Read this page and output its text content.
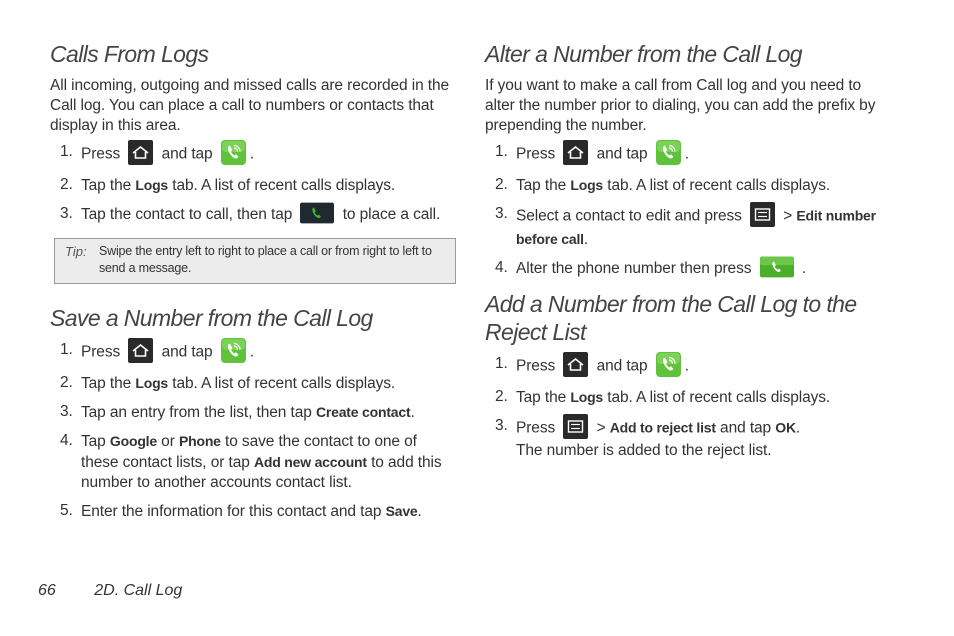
Calls From Logs

All incoming, outgoing and missed calls are recorded in the Call log. You can place a call to numbers or contacts that display in this area.

1. Press	and tap .
2. Tap the Logs tab. A list of recent calls displays.
3. Tap the contact to call, then tap	to place a call.
Tip: Swipe the entry left to right to place a call or from right to left to send a message.
Save a Number from the Call Log
1. Press	and tap .
2. Tap the Logs tab. A list of recent calls displays.
3. Tap an entry from the list, then tap Create contact.
4. Tap Google or Phone to save the contact to one of these contact lists, or tap Add new account to add this number to another accounts contact list.
5. Enter the information for this contact and tap Save.
Alter a Number from the Call Log

If you want to make a call from Call log and you need to alter the number prior to dialing, you can add the prefix by prepending the number.

1. Press	and tap .
2. Tap the Logs tab. A list of recent calls displays.
3. Select a contact to edit and press	> Edit number before call.
4. Alter the phone number then press	.
Add a Number from the Call Log to the Reject List
1. Press	and tap .
2. Tap the Logs tab. A list of recent calls displays.
3. Press	> Add to reject list and tap OK.
The number is added to the reject list.
66 2D. Call Log
